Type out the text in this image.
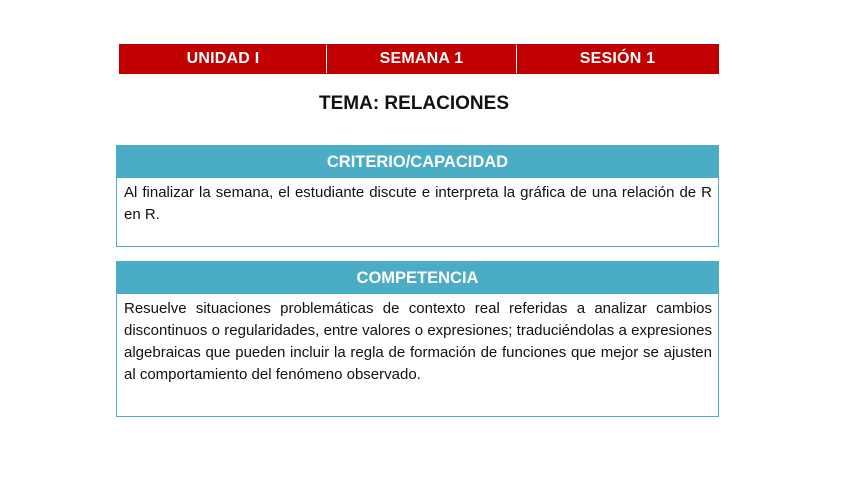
UNIDAD I	SEMANA 1	SESIÓN 1
TEMA: RELACIONES
CRITERIO/CAPACIDAD
Al finalizar la semana, el estudiante discute e interpreta la gráfica de una relación de R en R.
COMPETENCIA
Resuelve situaciones problemáticas de contexto real referidas a analizar cambios discontinuos o regularidades, entre valores o expresiones; traduciéndolas a expresiones algebraicas que pueden incluir la regla de formación de funciones que mejor se ajusten al comportamiento del fenómeno observado.
